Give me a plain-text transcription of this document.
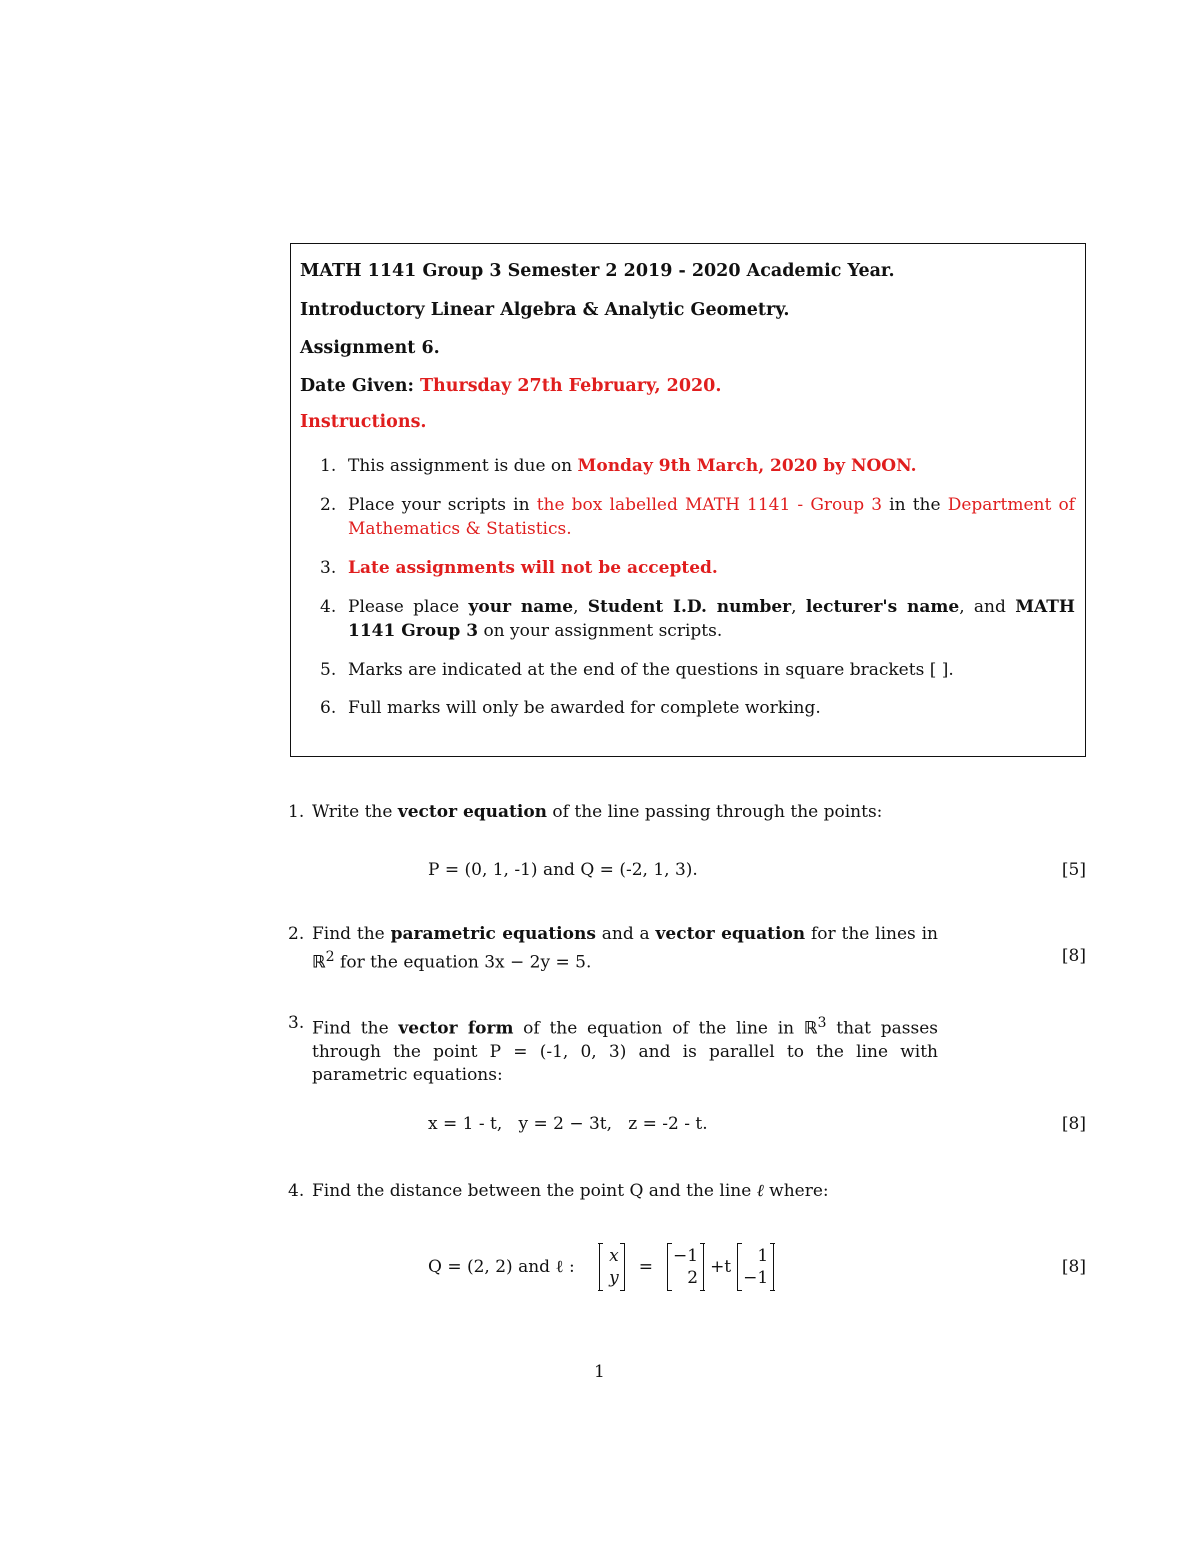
MATH 1141 Group 3 Semester 2 2019 - 2020 Academic Year.
Introductory Linear Algebra & Analytic Geometry.
Assignment 6.
Date Given: Thursday 27th February, 2020.
Instructions.
1. This assignment is due on Monday 9th March, 2020 by NOON.
2. Place your scripts in the box labelled MATH 1141 - Group 3 in the Department of Mathematics & Statistics.
3. Late assignments will not be accepted.
4. Please place your name, Student I.D. number, lecturer's name, and MATH 1141 Group 3 on your assignment scripts.
5. Marks are indicated at the end of the questions in square brackets [ ].
6. Full marks will only be awarded for complete working.
1. Write the vector equation of the line passing through the points:
P = (0, 1, -1) and Q = (-2, 1, 3).	[5]
2. Find the parametric equations and a vector equation for the lines in ℝ$^2$ for the equation 3x − 2y = 5.	[8]
3. Find the vector form of the equation of the line in ℝ$^3$ that passes through the point P = (-1, 0, 3) and is parallel to the line with parametric equations:
x = 1 - t,   y = 2 − 3t,   z = -2 - t.	[8]
4. Find the distance between the point Q and the line ℓ where:
Q = (2, 2) and ℓ :
x
y
=
−1
2
+t
1
−1
[8]
1
